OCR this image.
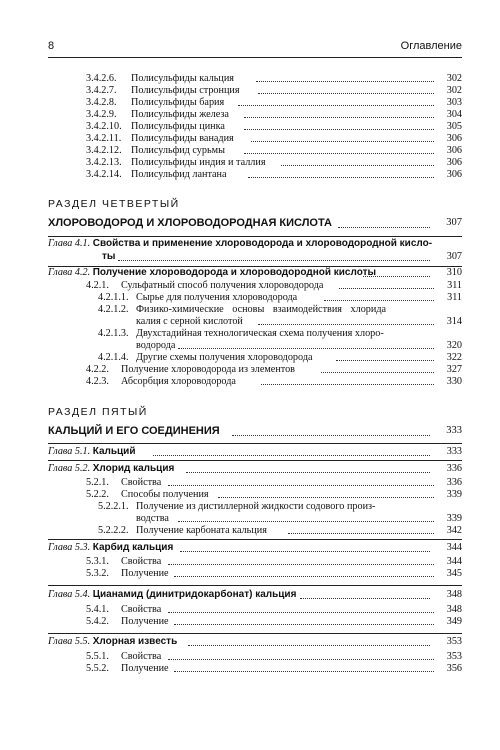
8	Оглавление
3.4.2.6. Полисульфиды кальция	302
3.4.2.7. Полисульфиды стронция	302
3.4.2.8. Полисульфиды бария	303
3.4.2.9. Полисульфиды железа	304
3.4.2.10. Полисульфиды цинка	305
3.4.2.11. Полисульфиды ванадия	306
3.4.2.12. Полисульфид сурьмы	306
3.4.2.13. Полисульфиды индия и таллия	306
3.4.2.14. Полисульфид лантана	306
РАЗДЕЛ ЧЕТВЕРТЫЙ
ХЛОРОВОДОРОД И ХЛОРОВОДОРОДНАЯ КИСЛОТА	307
Глава 4.1. Свойства и применение хлороводорода и хлороводородной кисло-
ты	307
Глава 4.2. Получение хлороводорода и хлороводородной кислоты	310
4.2.1. Сульфатный способ получения хлороводорода	311
4.2.1.1. Сырье для получения хлороводорода	311
4.2.1.2. Физико-химические основы взаимодействия хлорида
калия с серной кислотой	314
4.2.1.3. Двухстадийная технологическая схема получения хлоро-
водорода	320
4.2.1.4. Другие схемы получения хлороводорода	322
4.2.2. Получение хлороводорода из элементов	327
4.2.3. Абсорбция хлороводорода	330
РАЗДЕЛ ПЯТЫЙ
КАЛЬЦИЙ И ЕГО СОЕДИНЕНИЯ	333
Глава 5.1. Кальций	333
Глава 5.2. Хлорид кальция	336
5.2.1. Свойства	336
5.2.2. Способы получения	339
5.2.2.1. Получение из дистиллерной жидкости содового произ-
водства	339
5.2.2.2. Получение карбоната кальция	342
Глава 5.3. Карбид кальция	344
5.3.1. Свойства	344
5.3.2. Получение	345
Глава 5.4. Цианамид (динитридокарбонат) кальция	348
5.4.1. Свойства	348
5.4.2. Получение	349
Глава 5.5. Хлорная известь	353
5.5.1. Свойства	353
5.5.2. Получение	356
